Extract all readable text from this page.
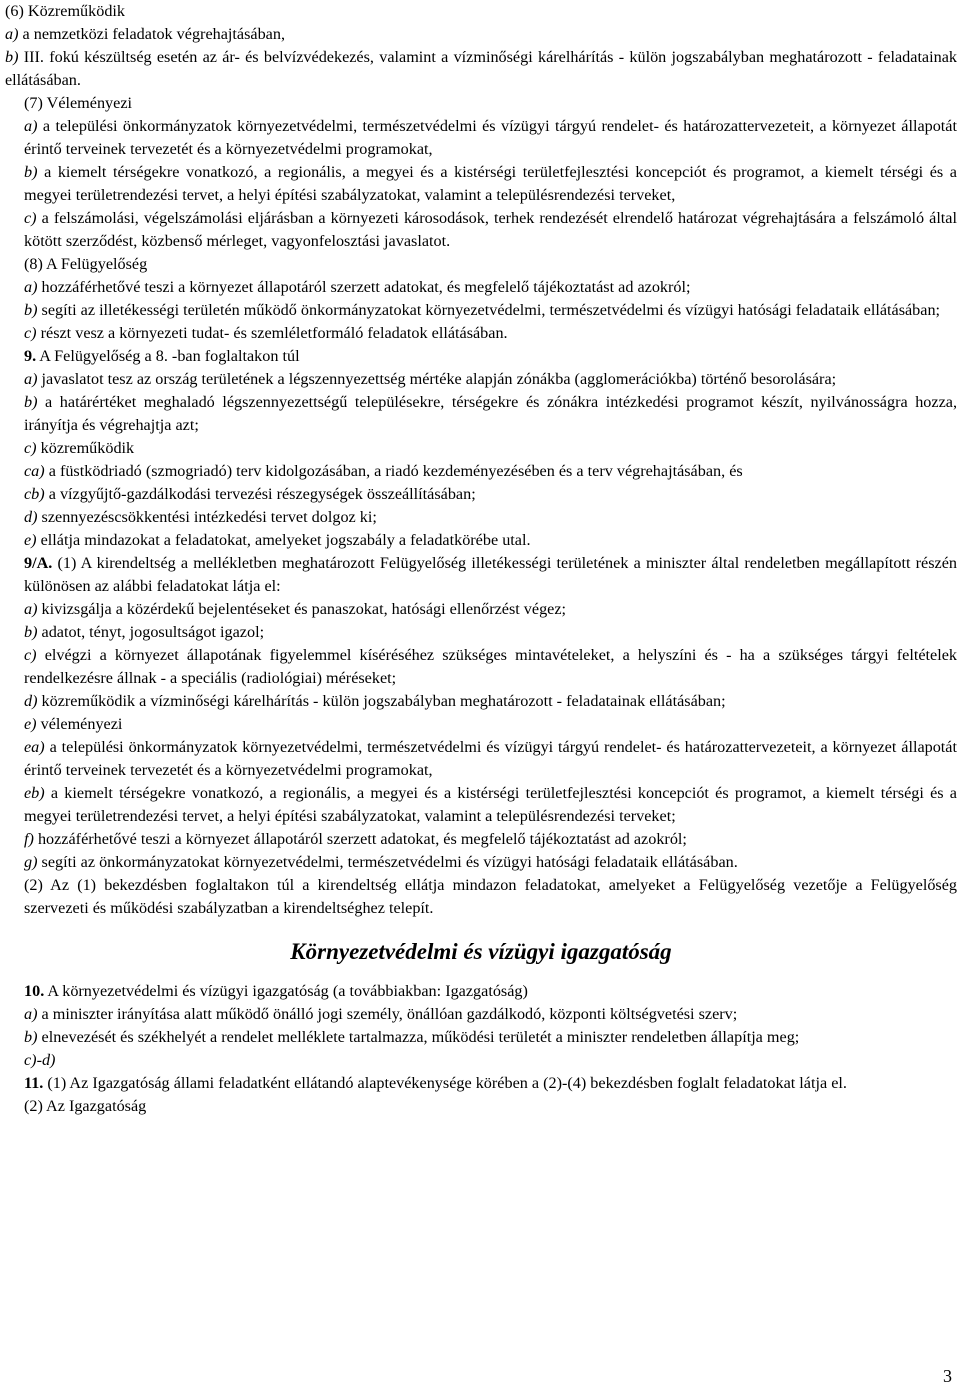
(6) Közreműködik

a) a nemzetközi feladatok végrehajtásában,

b) III. fokú készültség esetén az ár- és belvízvédekezés, valamint a vízminőségi kárelhárítás - külön jogszabályban meghatározott - feladatainak ellátásában.

(7) Véleményezi

a) a települési önkormányzatok környezetvédelmi, természetvédelmi és vízügyi tárgyú rendelet- és határozattervezeteit, a környezet állapotát érintő terveinek tervezetét és a környezetvédelmi programokat,

b) a kiemelt térségekre vonatkozó, a regionális, a megyei és a kistérségi területfejlesztési koncepciót és programot, a kiemelt térségi és a megyei területrendezési tervet, a helyi építési szabályzatokat, valamint a településrendezési terveket,

c) a felszámolási, végelszámolási eljárásban a környezeti károsodások, terhek rendezését elrendelő határozat végrehajtására a felszámoló által kötött szerződést, közbenső mérleget, vagyonfelosztási javaslatot.

(8) A Felügyelőség

a) hozzáférhetővé teszi a környezet állapotáról szerzett adatokat, és megfelelő tájékoztatást ad azokról;

b) segíti az illetékességi területén működő önkormányzatokat környezetvédelmi, természetvédelmi és vízügyi hatósági feladataik ellátásában;

c) részt vesz a környezeti tudat- és szemléletformáló feladatok ellátásában.

9. A Felügyelőség a 8. -ban foglaltakon túl

a) javaslatot tesz az ország területének a légszennyezettség mértéke alapján zónákba (agglomerációkba) történő besorolására;

b) a határértéket meghaladó légszennyezettségű településekre, térségekre és zónákra intézkedési programot készít, nyilvánosságra hozza, irányítja és végrehajtja azt;

c) közreműködik

ca) a füstködriadó (szmogriadó) terv kidolgozásában, a riadó kezdeményezésében és a terv végrehajtásában, és

cb) a vízgyűjtő-gazdálkodási tervezési részegységek összeállításában;

d) szennyezéscsökkentési intézkedési tervet dolgoz ki;

e) ellátja mindazokat a feladatokat, amelyeket jogszabály a feladatkörébe utal.

9/A. (1) A kirendeltség a mellékletben meghatározott Felügyelőség illetékességi területének a miniszter által rendeletben megállapított részén különösen az alábbi feladatokat látja el:

a) kivizsgálja a közérdekű bejelentéseket és panaszokat, hatósági ellenőrzést végez;

b) adatot, tényt, jogosultságot igazol;

c) elvégzi a környezet állapotának figyelemmel kíséréséhez szükséges mintavételeket, a helyszíni és - ha a szükséges tárgyi feltételek rendelkezésre állnak - a speciális (radiológiai) méréseket;

d) közreműködik a vízminőségi kárelhárítás - külön jogszabályban meghatározott - feladatainak ellátásában;

e) véleményezi

ea) a települési önkormányzatok környezetvédelmi, természetvédelmi és vízügyi tárgyú rendelet- és határozattervezeteit, a környezet állapotát érintő terveinek tervezetét és a környezetvédelmi programokat,

eb) a kiemelt térségekre vonatkozó, a regionális, a megyei és a kistérségi területfejlesztési koncepciót és programot, a kiemelt térségi és a megyei területrendezési tervet, a helyi építési szabályzatokat, valamint a településrendezési terveket;

f) hozzáférhetővé teszi a környezet állapotáról szerzett adatokat, és megfelelő tájékoztatást ad azokról;

g) segíti az önkormányzatokat környezetvédelmi, természetvédelmi és vízügyi hatósági feladataik ellátásában.

(2) Az (1) bekezdésben foglaltakon túl a kirendeltség ellátja mindazon feladatokat, amelyeket a Felügyelőség vezetője a Felügyelőség szervezeti és működési szabályzatban a kirendeltséghez telepít.

Környezetvédelmi és vízügyi igazgatóság

10. A környezetvédelmi és vízügyi igazgatóság (a továbbiakban: Igazgatóság)

a) a miniszter irányítása alatt működő önálló jogi személy, önállóan gazdálkodó, központi költségvetési szerv;

b) elnevezését és székhelyét a rendelet melléklete tartalmazza, működési területét a miniszter rendeletben állapítja meg;

c)-d)

11. (1) Az Igazgatóság állami feladatként ellátandó alaptevékenysége körében a (2)-(4) bekezdésben foglalt feladatokat látja el.

(2) Az Igazgatóság

3
